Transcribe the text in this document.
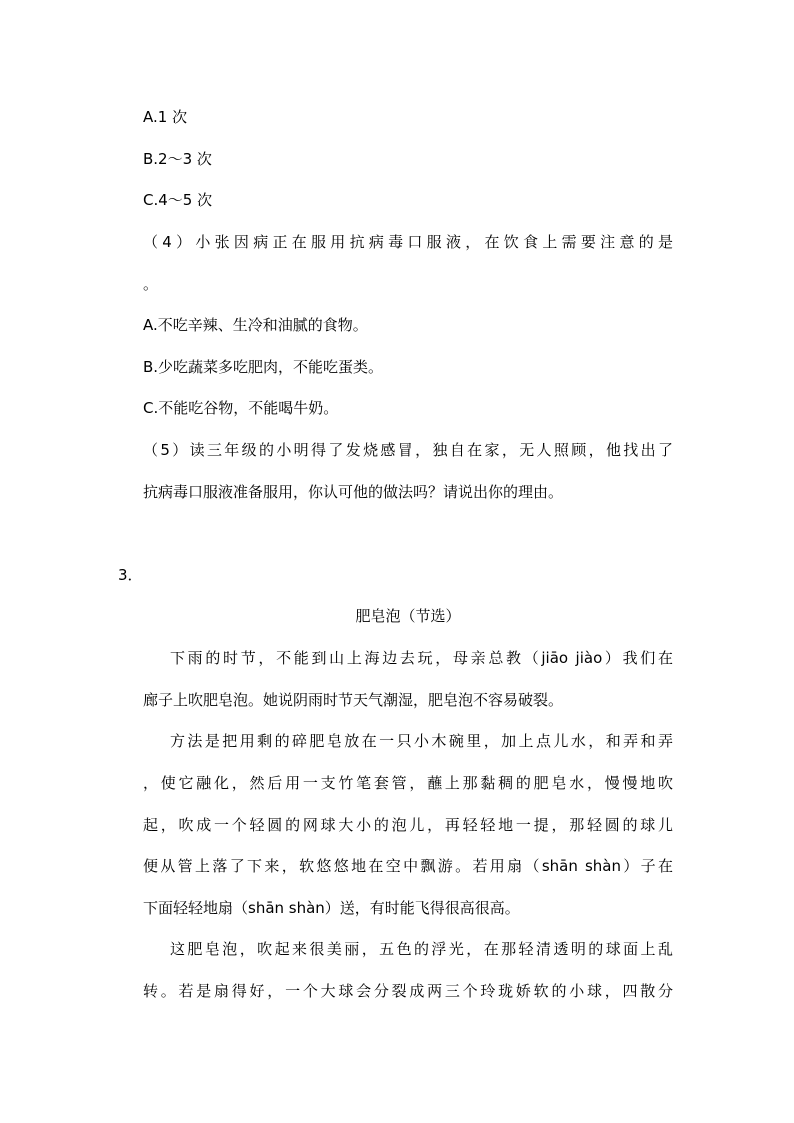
A.1 次
B.2～3 次
C.4～5 次
（4）小张因病正在服用抗病毒口服液，在饮食上需要注意的是
。
A.不吃辛辣、生冷和油腻的食物。
B.少吃蔬菜多吃肥肉，不能吃蛋类。
C.不能吃谷物，不能喝牛奶。
（5）读三年级的小明得了发烧感冒，独自在家，无人照顾，他找出了
抗病毒口服液准备服用，你认可他的做法吗？请说出你的理由。
3．
肥皂泡（节选）
下雨的时节，不能到山上海边去玩，母亲总教（jiāo jiào）我们在
廊子上吹肥皂泡。她说阴雨时节天气潮湿，肥皂泡不容易破裂。
方法是把用剩的碎肥皂放在一只小木碗里，加上点儿水，和弄和弄
，使它融化，然后用一支竹笔套管，蘸上那黏稠的肥皂水，慢慢地吹
起，吹成一个轻圆的网球大小的泡儿，再轻轻地一提，那轻圆的球儿
便从管上落了下来，软悠悠地在空中飘游。若用扇（shān shàn）子在
下面轻轻地扇（shān shàn）送，有时能飞得很高很高。
这肥皂泡，吹起来很美丽，五色的浮光，在那轻清透明的球面上乱
转。若是扇得好，一个大球会分裂成两三个玲珑娇软的小球，四散分
